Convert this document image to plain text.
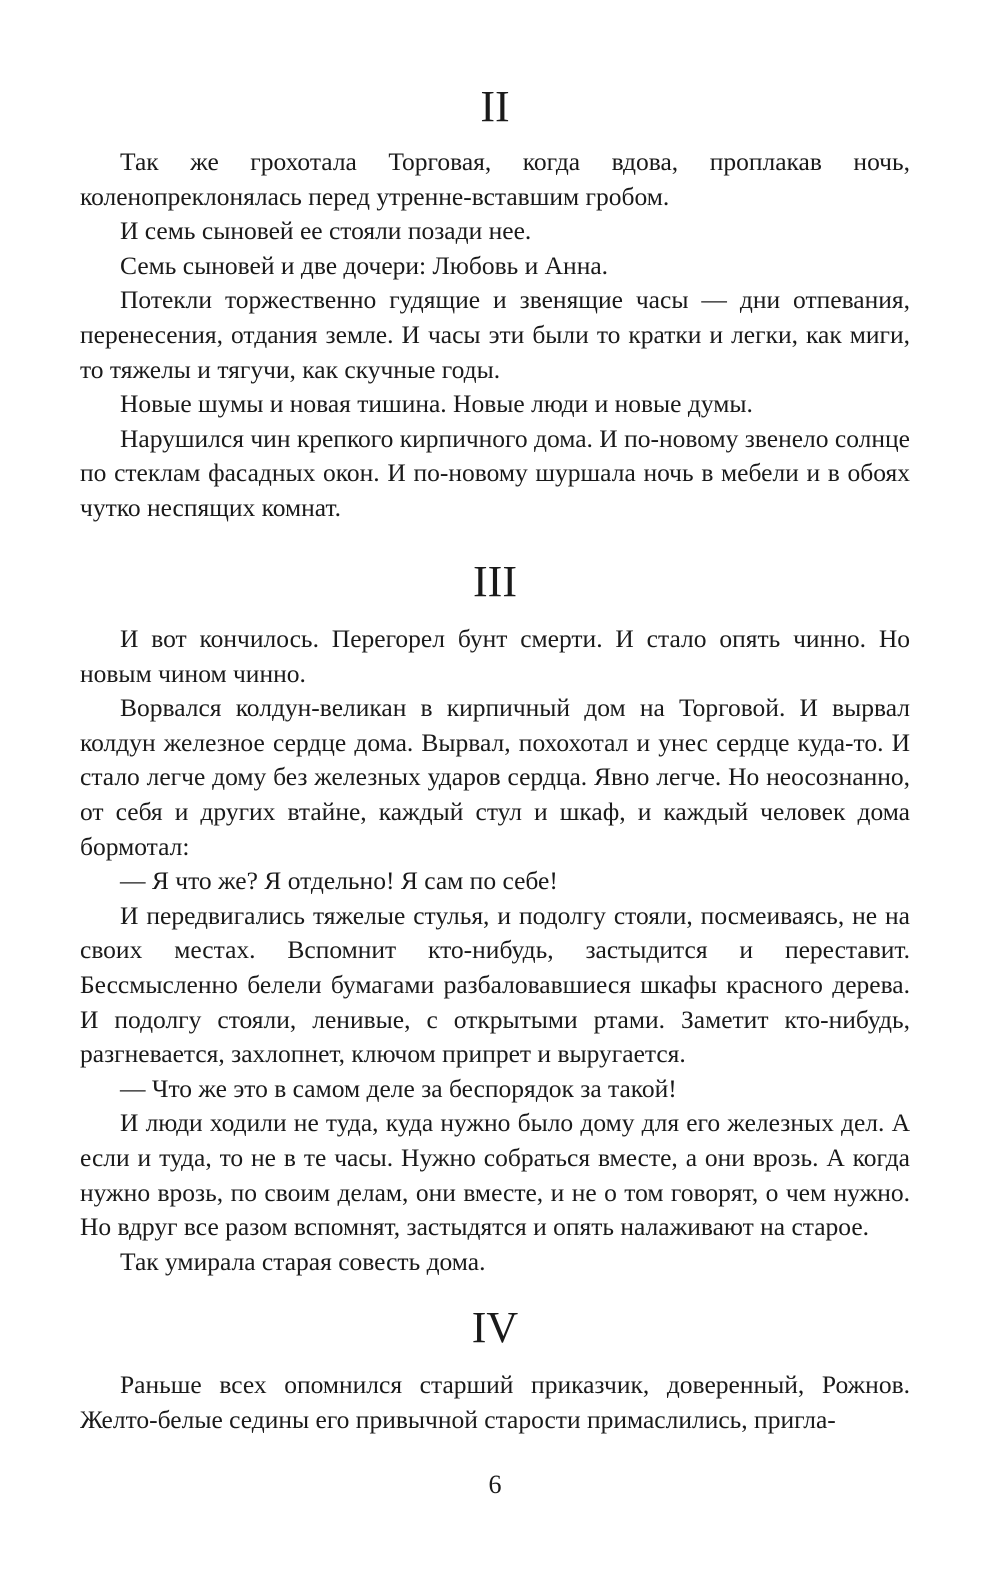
II

Так же грохотала Торговая, когда вдова, проплакав ночь, коленопреклонялась перед утренне-вставшим гробом.

И семь сыновей ее стояли позади нее.

Семь сыновей и две дочери: Любовь и Анна.

Потекли торжественно гудящие и звенящие часы — дни отпевания, перенесения, отдания земле. И часы эти были то кратки и легки, как миги, то тяжелы и тягучи, как скучные годы.

Новые шумы и новая тишина. Новые люди и новые думы.

Нарушился чин крепкого кирпичного дома. И по-новому звенело солнце по стеклам фасадных окон. И по-новому шуршала ночь в мебели и в обоях чутко неспящих комнат.

III

И вот кончилось. Перегорел бунт смерти. И стало опять чинно. Но новым чином чинно.

Ворвался колдун-великан в кирпичный дом на Торговой. И вырвал колдун железное сердце дома. Вырвал, похохотал и унес сердце куда-то. И стало легче дому без железных ударов сердца. Явно легче. Но неосознанно, от себя и других втайне, каждый стул и шкаф, и каждый человек дома бормотал:

— Я что же? Я отдельно! Я сам по себе!

И передвигались тяжелые стулья, и подолгу стояли, посмеиваясь, не на своих местах. Вспомнит кто-нибудь, застыдится и переставит. Бессмысленно белели бумагами разбаловавшиеся шкафы красного дерева. И подолгу стояли, ленивые, с открытыми ртами. Заметит кто-нибудь, разгневается, захлопнет, ключом припрет и выругается.

— Что же это в самом деле за беспорядок за такой!

И люди ходили не туда, куда нужно было дому для его железных дел. А если и туда, то не в те часы. Нужно собраться вместе, а они врозь. А когда нужно врозь, по своим делам, они вместе, и не о том говорят, о чем нужно. Но вдруг все разом вспомнят, застыдятся и опять налаживают на старое.

Так умирала старая совесть дома.

IV

Раньше всех опомнился старший приказчик, доверенный, Рожнов. Желто-белые седины его привычной старости примаслились, пригла-

6
